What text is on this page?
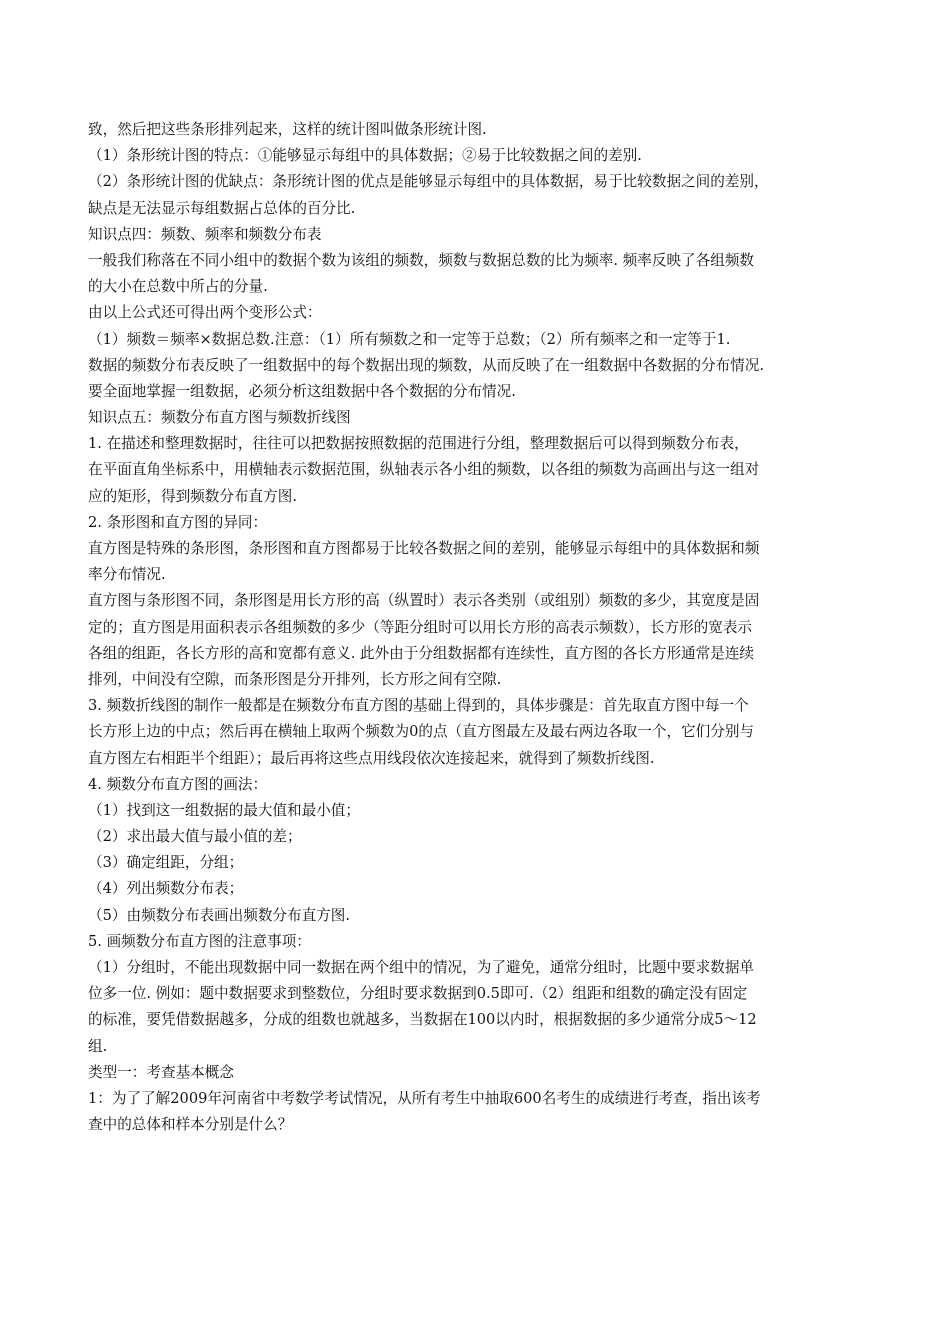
致，然后把这些条形排列起来，这样的统计图叫做条形统计图.
（1）条形统计图的特点：①能够显示每组中的具体数据；②易于比较数据之间的差别.
（2）条形统计图的优缺点：条形统计图的优点是能够显示每组中的具体数据，易于比较数据之间的差别，
缺点是无法显示每组数据占总体的百分比.
知识点四：频数、频率和频数分布表
一般我们称落在不同小组中的数据个数为该组的频数，频数与数据总数的比为频率. 频率反映了各组频数
的大小在总数中所占的分量.
由以上公式还可得出两个变形公式：
（1）频数＝频率×数据总数.注意：（1）所有频数之和一定等于总数；（2）所有频率之和一定等于1.
数据的频数分布表反映了一组数据中的每个数据出现的频数，从而反映了在一组数据中各数据的分布情况.
要全面地掌握一组数据，必须分析这组数据中各个数据的分布情况.
知识点五：频数分布直方图与频数折线图
1. 在描述和整理数据时，往往可以把数据按照数据的范围进行分组，整理数据后可以得到频数分布表，
在平面直角坐标系中，用横轴表示数据范围，纵轴表示各小组的频数，以各组的频数为高画出与这一组对
应的矩形，得到频数分布直方图.
2. 条形图和直方图的异同：
直方图是特殊的条形图，条形图和直方图都易于比较各数据之间的差别，能够显示每组中的具体数据和频
率分布情况.
直方图与条形图不同，条形图是用长方形的高（纵置时）表示各类别（或组别）频数的多少，其宽度是固
定的；直方图是用面积表示各组频数的多少（等距分组时可以用长方形的高表示频数），长方形的宽表示
各组的组距，各长方形的高和宽都有意义. 此外由于分组数据都有连续性，直方图的各长方形通常是连续
排列，中间没有空隙，而条形图是分开排列，长方形之间有空隙.
3. 频数折线图的制作一般都是在频数分布直方图的基础上得到的，具体步骤是：首先取直方图中每一个
长方形上边的中点；然后再在横轴上取两个频数为0的点（直方图最左及最右两边各取一个，它们分别与
直方图左右相距半个组距）；最后再将这些点用线段依次连接起来，就得到了频数折线图.
4. 频数分布直方图的画法：
（1）找到这一组数据的最大值和最小值；
（2）求出最大值与最小值的差；
（3）确定组距，分组；
（4）列出频数分布表；
（5）由频数分布表画出频数分布直方图.
5. 画频数分布直方图的注意事项：
（1）分组时，不能出现数据中同一数据在两个组中的情况，为了避免，通常分组时，比题中要求数据单
位多一位. 例如：题中数据要求到整数位，分组时要求数据到0.5即可.（2）组距和组数的确定没有固定
的标准，要凭借数据越多，分成的组数也就越多，当数据在100以内时，根据数据的多少通常分成5～12
组.
类型一：考查基本概念
1：为了了解2009年河南省中考数学考试情况，从所有考生中抽取600名考生的成绩进行考查，指出该考
查中的总体和样本分别是什么？
